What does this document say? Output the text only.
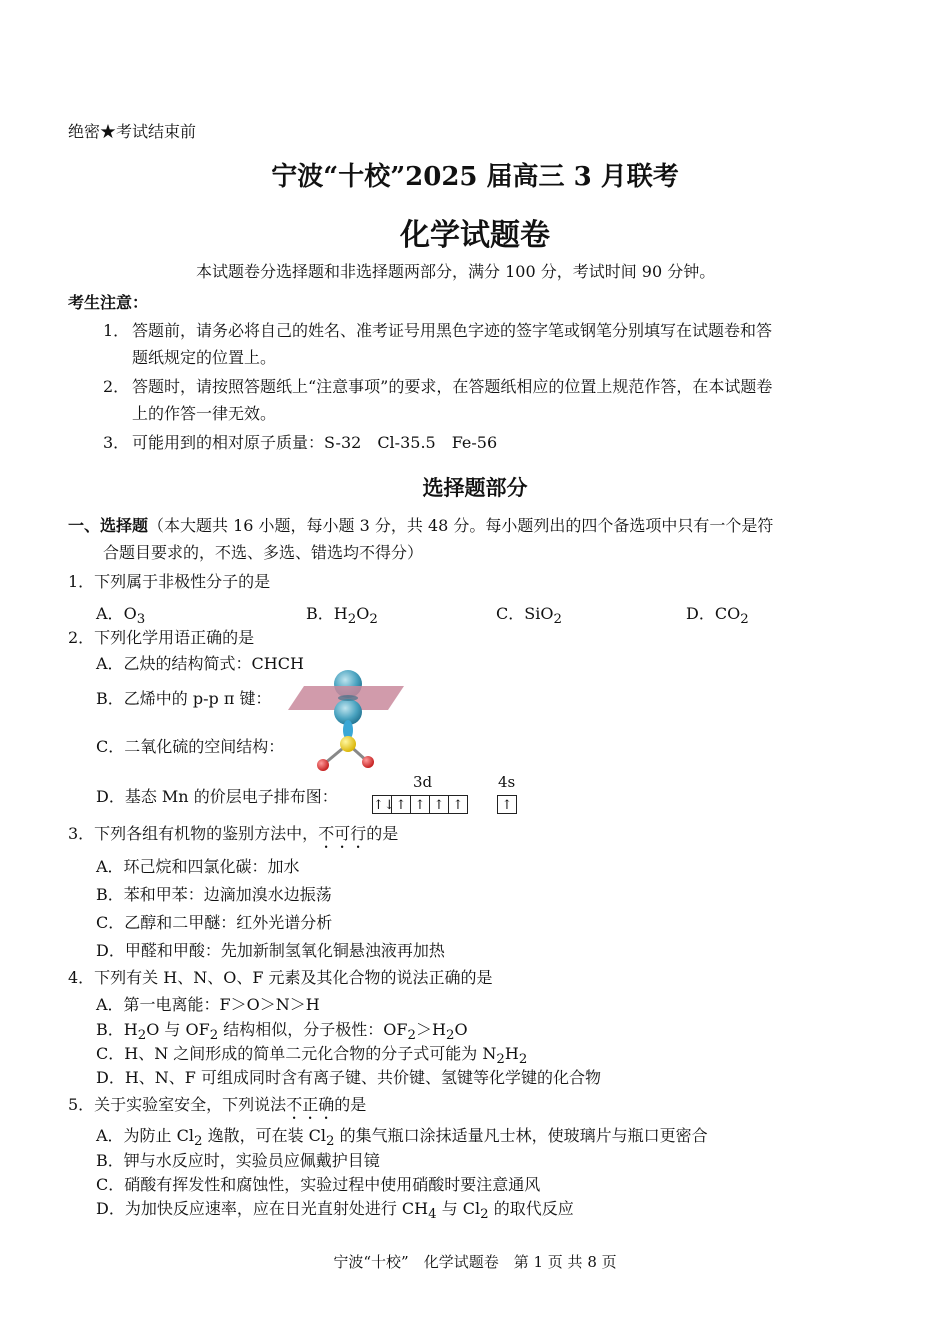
绝密★考试结束前
宁波“十校”2025 届高三 3 月联考
化学试题卷
本试题卷分选择题和非选择题两部分，满分 100 分，考试时间 90 分钟。
考生注意：
1． 答题前，请务必将自己的姓名、准考证号用黑色字迹的签字笔或钢笔分别填写在试题卷和答
题纸规定的位置上。
2． 答题时，请按照答题纸上“注意事项”的要求，在答题纸相应的位置上规范作答，在本试题卷
上的作答一律无效。
3． 可能用到的相对原子质量：S-32　Cl-35.5　Fe-56
选择题部分
一、选择题（本大题共 16 小题，每小题 3 分，共 48 分。每小题列出的四个备选项中只有一个是符
合题目要求的，不选、多选、错选均不得分）
1．下列属于非极性分子的是
A．$O_3$	B．$H_2O_2$	C．SiO$_2$	D．$CO_2$
2．下列化学用语正确的是
A．乙炔的结构简式：CHCH
B．乙烯中的 p-p π 键：
C．二氧化硫的空间结构：
D．基态 Mn 的价层电子排布图：
3d	4s
↑↓ ↑ ↑ ↑ ↑	↑
3．下列各组有机物的鉴别方法中，不可行的是
A．环己烷和四氯化碳：加水
B．苯和甲苯：边滴加溴水边振荡
C．乙醇和二甲醚：红外光谱分析
D．甲醛和甲酸：先加新制氢氧化铜悬浊液再加热
4．下列有关 H、N、O、F 元素及其化合物的说法正确的是
A．第一电离能：F＞O＞N＞H
B．$H_2O$ 与 $OF_2$ 结构相似，分子极性：$OF_2>H_2O$
C．H、N 之间形成的简单二元化合物的分子式可能为 $N_2H_2$
D．H、N、F 可组成同时含有离子键、共价键、氢键等化学键的化合物
5．关于实验室安全，下列说法不正确的是
A．为防止 $Cl_2$ 逸散，可在装 $Cl_2$ 的集气瓶口涂抹适量凡士林，使玻璃片与瓶口更密合
B．钾与水反应时，实验员应佩戴护目镜
C．硝酸有挥发性和腐蚀性，实验过程中使用硝酸时要注意通风
D．为加快反应速率，应在日光直射处进行 $CH_4$ 与 $Cl_2$ 的取代反应
宁波“十校”　化学试题卷　第 1 页 共 8 页
